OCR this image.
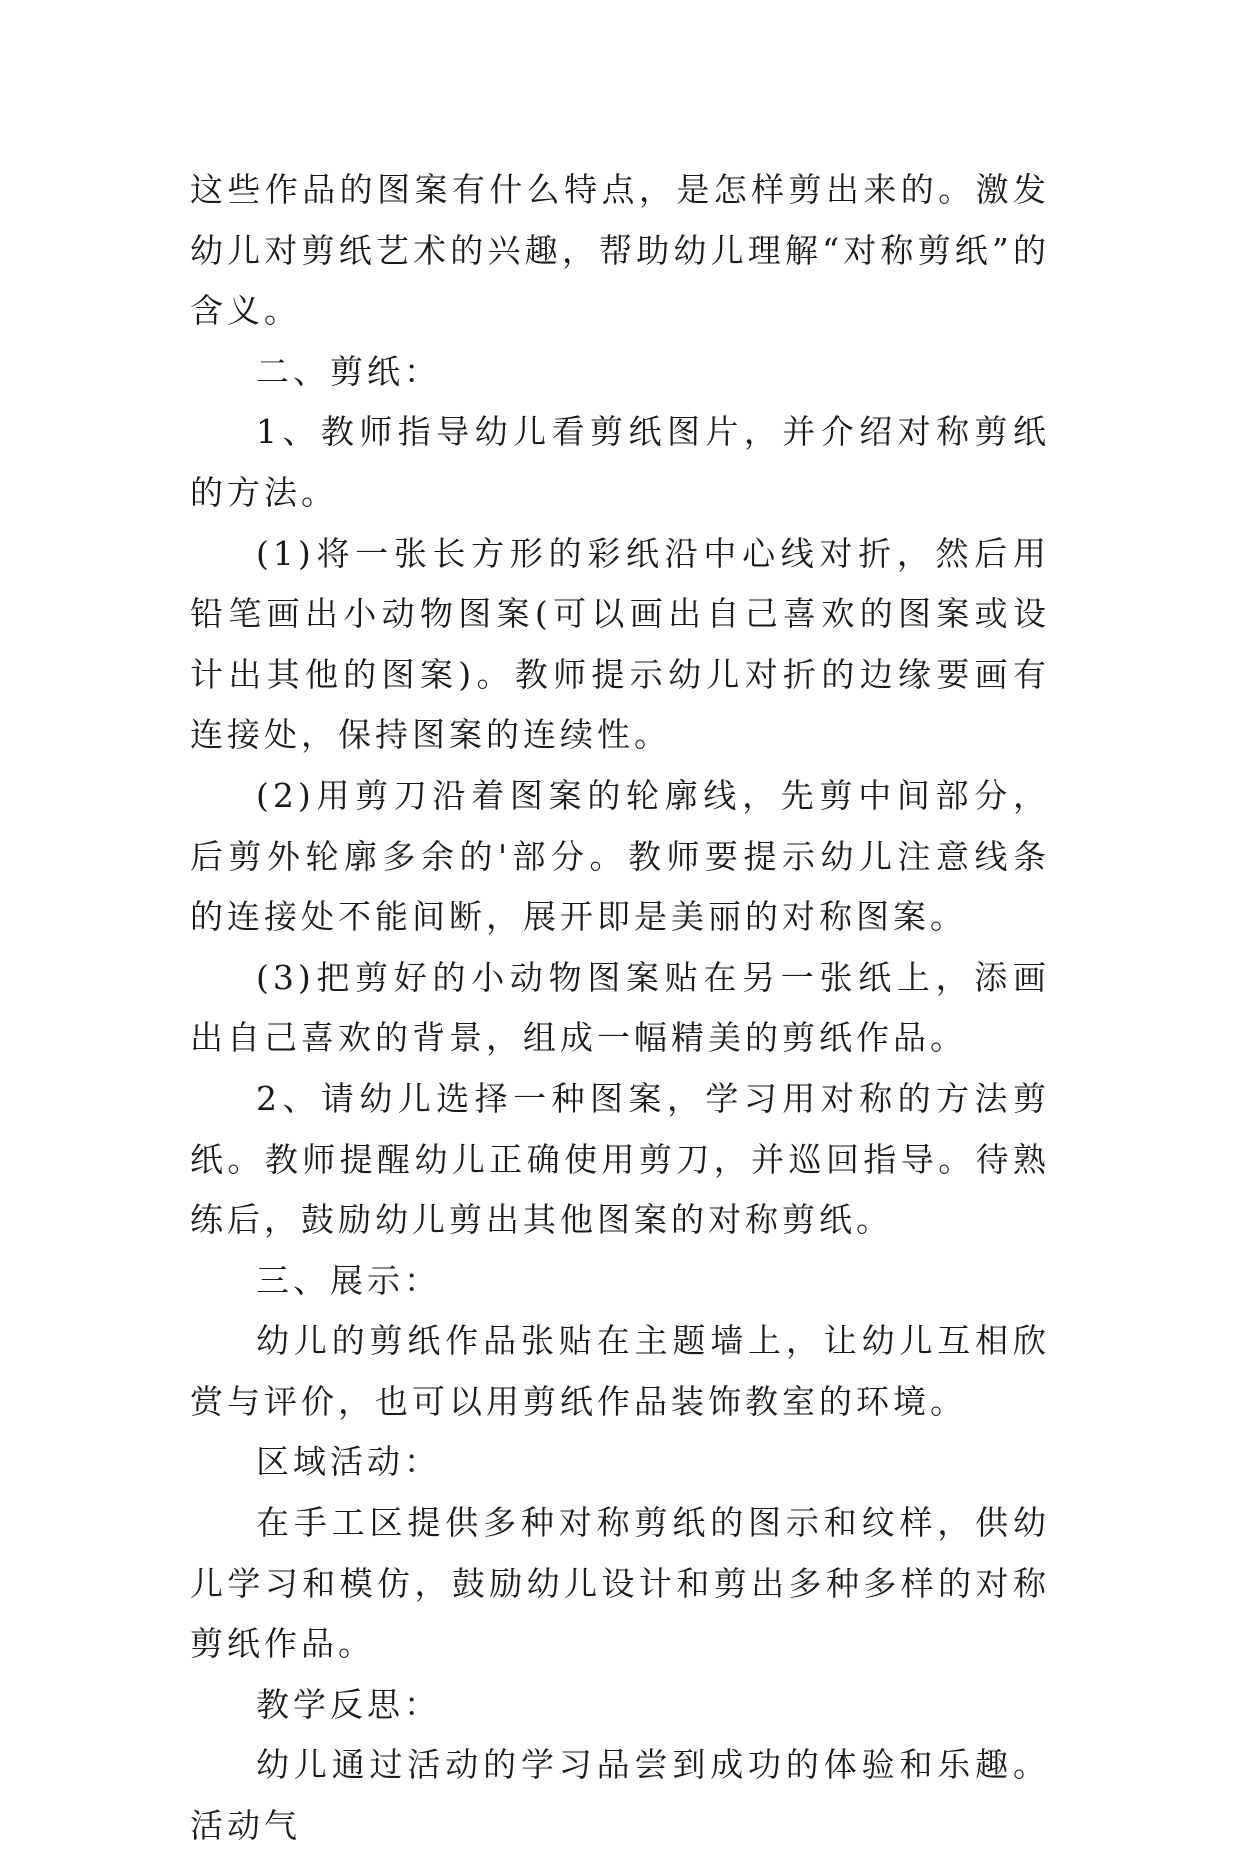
这些作品的图案有什么特点，是怎样剪出来的。激发幼儿对剪纸艺术的兴趣，帮助幼儿理解“对称剪纸”的含义。

二、剪纸：

1、教师指导幼儿看剪纸图片，并介绍对称剪纸的方法。

(1)将一张长方形的彩纸沿中心线对折，然后用铅笔画出小动物图案(可以画出自己喜欢的图案或设计出其他的图案)。教师提示幼儿对折的边缘要画有连接处，保持图案的连续性。

(2)用剪刀沿着图案的轮廓线，先剪中间部分，后剪外轮廓多余的'部分。教师要提示幼儿注意线条的连接处不能间断，展开即是美丽的对称图案。

(3)把剪好的小动物图案贴在另一张纸上，添画出自己喜欢的背景，组成一幅精美的剪纸作品。

2、请幼儿选择一种图案，学习用对称的方法剪纸。教师提醒幼儿正确使用剪刀，并巡回指导。待熟练后，鼓励幼儿剪出其他图案的对称剪纸。

三、展示：

幼儿的剪纸作品张贴在主题墙上，让幼儿互相欣赏与评价，也可以用剪纸作品装饰教室的环境。

区域活动：

在手工区提供多种对称剪纸的图示和纹样，供幼儿学习和模仿，鼓励幼儿设计和剪出多种多样的对称剪纸作品。

教学反思：

幼儿通过活动的学习品尝到成功的体验和乐趣。活动气
